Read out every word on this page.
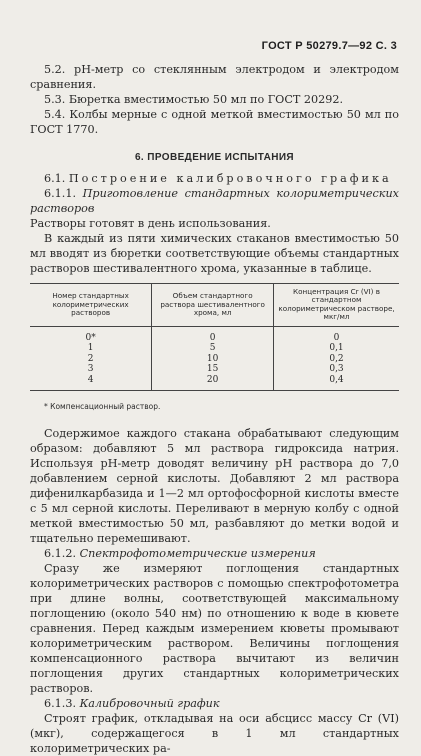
ГОСТ Р 50279.7—92 С. 3

5.2. pH-метр со стеклянным электродом и электродом сравнения.

5.3. Бюретка вместимостью 50 мл по ГОСТ 20292.

5.4. Колбы мерные с одной меткой вместимостью 50 мл по ГОСТ 1770.

6. ПРОВЕДЕНИЕ ИСПЫТАНИЯ

6.1. Построение калибровочного графика

6.1.1. Приготовление стандартных колориметрических растворов

Растворы готовят в день использования.

В каждый из пяти химических стаканов вместимостью 50 мл вводят из бюретки соответствующие объемы стандартных растворов шестивалентного хрома, указанные в таблице.

Номер стандартных колориметрических растворов	Объем стандартного раствора шестивалентного хрома, мл	Концентрация Cr (VI) в стандартном колориметрическом растворе, мкг/мл
0*	0	0
1	5	0,1
2	10	0,2
3	15	0,3
4	20	0,4
* Компенсационный раствор.

Содержимое каждого стакана обрабатывают следующим образом: добавляют 5 мл раствора гидроксида натрия. Используя pH-метр доводят величину pH раствора до 7,0 добавлением серной кислоты. Добавляют 2 мл раствора дифенилкарбазида и 1—2 мл ортофосфорной кислоты вместе с 5 мл серной кислоты. Переливают в мерную колбу с одной меткой вместимостью 50 мл, разбавляют до метки водой и тщательно перемешивают.

6.1.2. Спектрофотометрические измерения

Сразу же измеряют поглощения стандартных колориметрических растворов с помощью спектрофотометра при длине волны, соответствующей максимальному поглощению (около 540 нм) по отношению к воде в кювете сравнения. Перед каждым измерением кюветы промывают колориметрическим раствором. Величины поглощения компенсационного раствора вычитают из величин поглощения других стандартных колориметрических растворов.

6.1.3. Калибровочный график

Строят график, откладывая на оси абсцисс массу Cr (VI) (мкг), содержащегося в 1 мл стандартных колориметрических ра-
